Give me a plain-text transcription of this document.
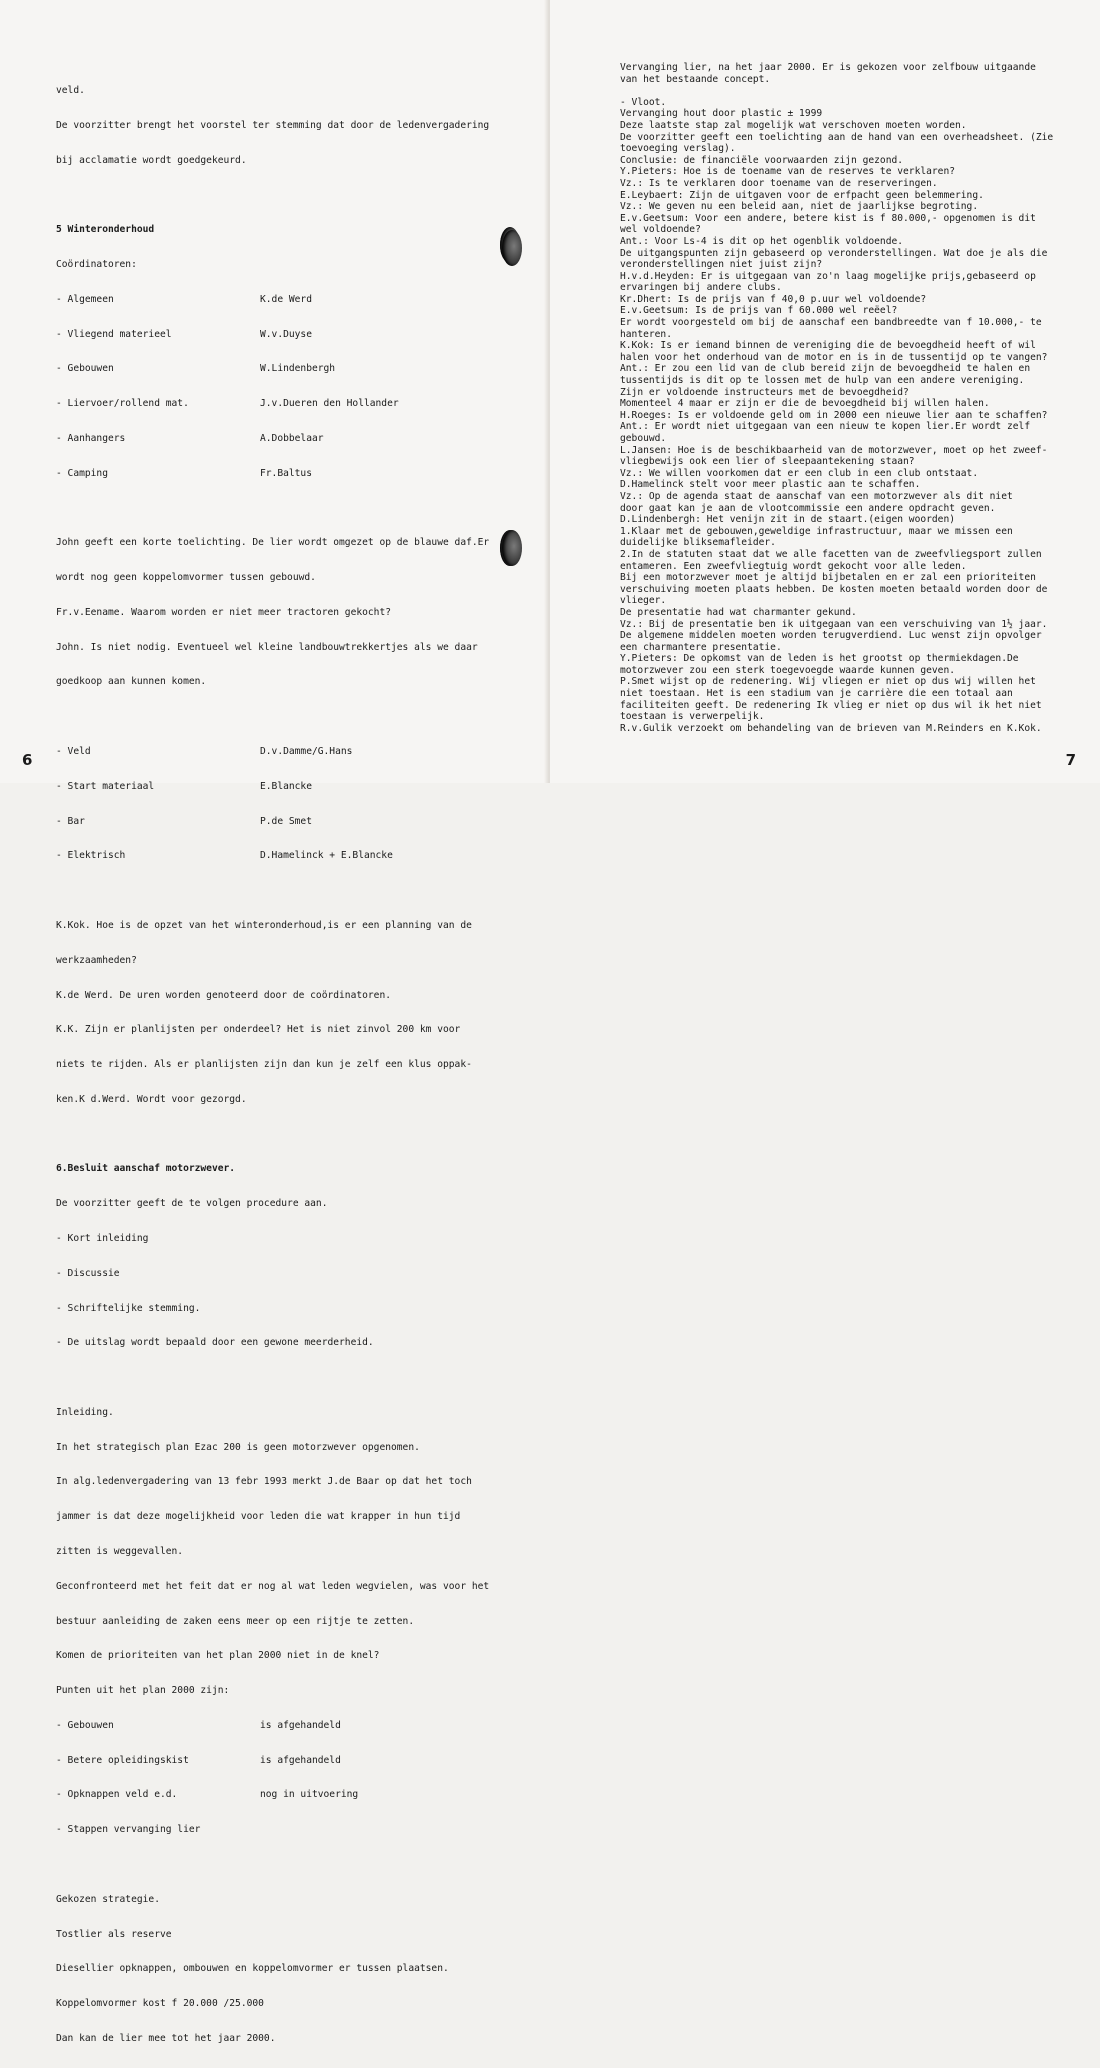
veld.

De voorzitter brengt het voorstel ter stemming dat door de ledenvergadering

bij acclamatie wordt goedgekeurd.

5 Winteronderhoud

Coördinatoren:

- Algemeen	K.de Werd

- Vliegend materieel	W.v.Duyse

- Gebouwen	W.Lindenbergh

- Liervoer/rollend mat.	J.v.Dueren den Hollander

- Aanhangers	A.Dobbelaar

- Camping	Fr.Baltus

John geeft een korte toelichting. De lier wordt omgezet op de blauwe daf.Er

wordt nog geen koppelomvormer tussen gebouwd.

Fr.v.Eename. Waarom worden er niet meer tractoren gekocht?

John. Is niet nodig. Eventueel wel kleine landbouwtrekkertjes als we daar

goedkoop aan kunnen komen.

- Veld	D.v.Damme/G.Hans

- Start materiaal	E.Blancke

- Bar	P.de Smet

- Elektrisch	D.Hamelinck + E.Blancke

K.Kok. Hoe is de opzet van het winteronderhoud,is er een planning van de

werkzaamheden?

K.de Werd. De uren worden genoteerd door de coördinatoren.

K.K. Zijn er planlijsten per onderdeel? Het is niet zinvol 200 km voor

niets te rijden. Als er planlijsten zijn dan kun je zelf een klus oppak-

ken.K d.Werd. Wordt voor gezorgd.

6.Besluit aanschaf motorzwever.

De voorzitter geeft de te volgen procedure aan.

- Kort inleiding

- Discussie

- Schriftelijke stemming.

- De uitslag wordt bepaald door een gewone meerderheid.

Inleiding.

In het strategisch plan Ezac 200 is geen motorzwever opgenomen.

In alg.ledenvergadering van 13 febr 1993 merkt J.de Baar op dat het toch

jammer is dat deze mogelijkheid voor leden die wat krapper in hun tijd

zitten is weggevallen.

Geconfronteerd met het feit dat er nog al wat leden wegvielen, was voor het

bestuur aanleiding de zaken eens meer op een rijtje te zetten.

Komen de prioriteiten van het plan 2000 niet in de knel?

Punten uit het plan 2000 zijn:

- Gebouwen	is afgehandeld

- Betere opleidingskist	is afgehandeld

- Opknappen veld e.d.	nog in uitvoering

- Stappen vervanging lier

Gekozen strategie.

Tostlier als reserve

Diesellier opknappen, ombouwen en koppelomvormer er tussen plaatsen.

Koppelomvormer kost f 20.000 /25.000

Dan kan de lier mee tot het jaar 2000.

6
Vervanging lier, na het jaar 2000. Er is gekozen voor zelfbouw uitgaande
van het bestaande concept.
- Vloot.
Vervanging hout door plastic ± 1999
Deze laatste stap zal mogelijk wat verschoven moeten worden.
De voorzitter geeft een toelichting aan de hand van een overheadsheet. (Zie
toevoeging verslag).
Conclusie: de financiële voorwaarden zijn gezond.
Y.Pieters: Hoe is de toename van de reserves te verklaren?
Vz.: Is te verklaren door toename van de reserveringen.
E.Leybaert: Zijn de uitgaven voor de erfpacht geen belemmering.
Vz.: We geven nu een beleid aan, niet de jaarlijkse begroting.
E.v.Geetsum: Voor een andere, betere kist is f 80.000,- opgenomen is dit
wel voldoende?
Ant.: Voor Ls-4 is dit op het ogenblik voldoende.
De uitgangspunten zijn gebaseerd op veronderstellingen. Wat doe je als die
veronderstellingen niet juist zijn?
H.v.d.Heyden: Er is uitgegaan van zo'n laag mogelijke prijs,gebaseerd op
ervaringen bij andere clubs.
Kr.Dhert: Is de prijs van f 40,0 p.uur wel voldoende?
E.v.Geetsum: Is de prijs van f 60.000 wel reëel?
Er wordt voorgesteld om bij de aanschaf een bandbreedte van f 10.000,- te
hanteren.
K.Kok: Is er iemand binnen de vereniging die de bevoegdheid heeft of wil
halen voor het onderhoud van de motor en is in de tussentijd op te vangen?
Ant.: Er zou een lid van de club bereid zijn de bevoegdheid te halen en
tussentijds is dit op te lossen met de hulp van een andere vereniging.
Zijn er voldoende instructeurs met de bevoegdheid?
Momenteel 4 maar er zijn er die de bevoegdheid bij willen halen.
H.Roeges: Is er voldoende geld om in 2000 een nieuwe lier aan te schaffen?
Ant.: Er wordt niet uitgegaan van een nieuw te kopen lier.Er wordt zelf
gebouwd.
L.Jansen: Hoe is de beschikbaarheid van de motorzwever, moet op het zweef-
vliegbewijs ook een lier of sleepaantekening staan?
Vz.: We willen voorkomen dat er een club in een club ontstaat.
D.Hamelinck stelt voor meer plastic aan te schaffen.
Vz.: Op de agenda staat de aanschaf van een motorzwever als dit niet
door gaat kan je aan de vlootcommissie een andere opdracht geven.
D.Lindenbergh: Het venijn zit in de staart.(eigen woorden)
1.Klaar met de gebouwen,geweldige infrastructuur, maar we missen een
duidelijke bliksemafleider.
2.In de statuten staat dat we alle facetten van de zweefvliegsport zullen
entameren. Een zweefvliegtuig wordt gekocht voor alle leden.
Bij een motorzwever moet je altijd bijbetalen en er zal een prioriteiten
verschuiving moeten plaats hebben. De kosten moeten betaald worden door de
vlieger.
De presentatie had wat charmanter gekund.
Vz.: Bij de presentatie ben ik uitgegaan van een verschuiving van 1½ jaar.
De algemene middelen moeten worden terugverdiend. Luc wenst zijn opvolger
een charmantere presentatie.
Y.Pieters: De opkomst van de leden is het grootst op thermiekdagen.De
motorzwever zou een sterk toegevoegde waarde kunnen geven.
P.Smet wijst op de redenering. Wij vliegen er niet op dus wij willen het
niet toestaan. Het is een stadium van je carrière die een totaal aan
faciliteiten geeft. De redenering Ik vlieg er niet op dus wil ik het niet
toestaan is verwerpelijk.
R.v.Gulik verzoekt om behandeling van de brieven van M.Reinders en K.Kok.
7
